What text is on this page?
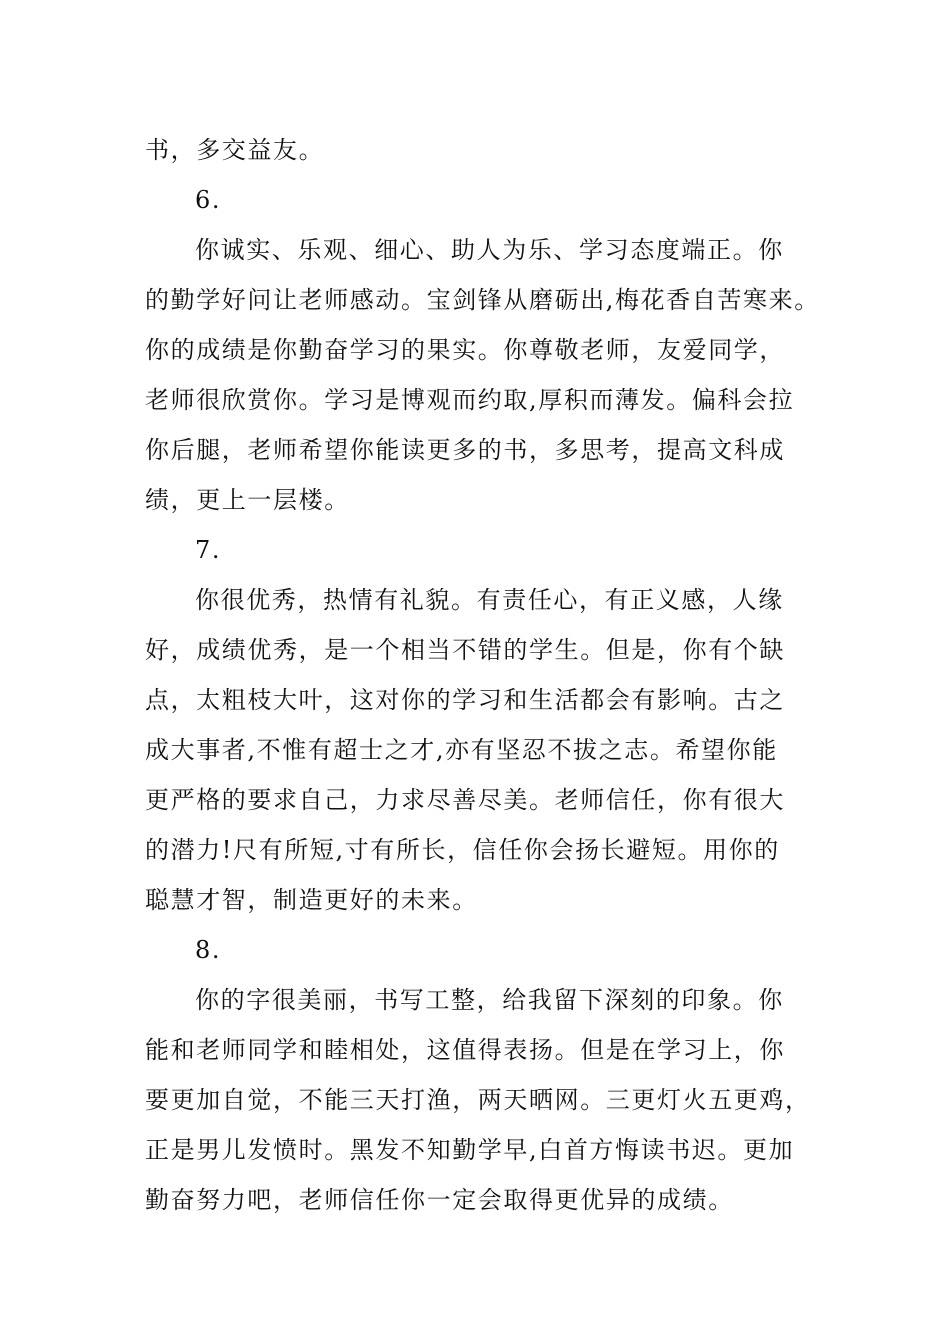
书，多交益友。
6.
你诚实、乐观、细心、助人为乐、学习态度端正。你
的勤学好问让老师感动。宝剑锋从磨砺出,梅花香自苦寒来。
你的成绩是你勤奋学习的果实。你尊敬老师，友爱同学，
老师很欣赏你。学习是博观而约取,厚积而薄发。偏科会拉
你后腿，老师希望你能读更多的书，多思考，提高文科成
绩，更上一层楼。
7.
你很优秀，热情有礼貌。有责任心，有正义感，人缘
好，成绩优秀，是一个相当不错的学生。但是，你有个缺
点，太粗枝大叶，这对你的学习和生活都会有影响。古之
成大事者,不惟有超士之才,亦有坚忍不拔之志。希望你能
更严格的要求自己，力求尽善尽美。老师信任，你有很大
的潜力!尺有所短,寸有所长，信任你会扬长避短。用你的
聪慧才智，制造更好的未来。
8.
你的字很美丽，书写工整，给我留下深刻的印象。你
能和老师同学和睦相处，这值得表扬。但是在学习上，你
要更加自觉，不能三天打渔，两天晒网。三更灯火五更鸡，
正是男儿发愤时。黑发不知勤学早,白首方悔读书迟。更加
勤奋努力吧，老师信任你一定会取得更优异的成绩。
